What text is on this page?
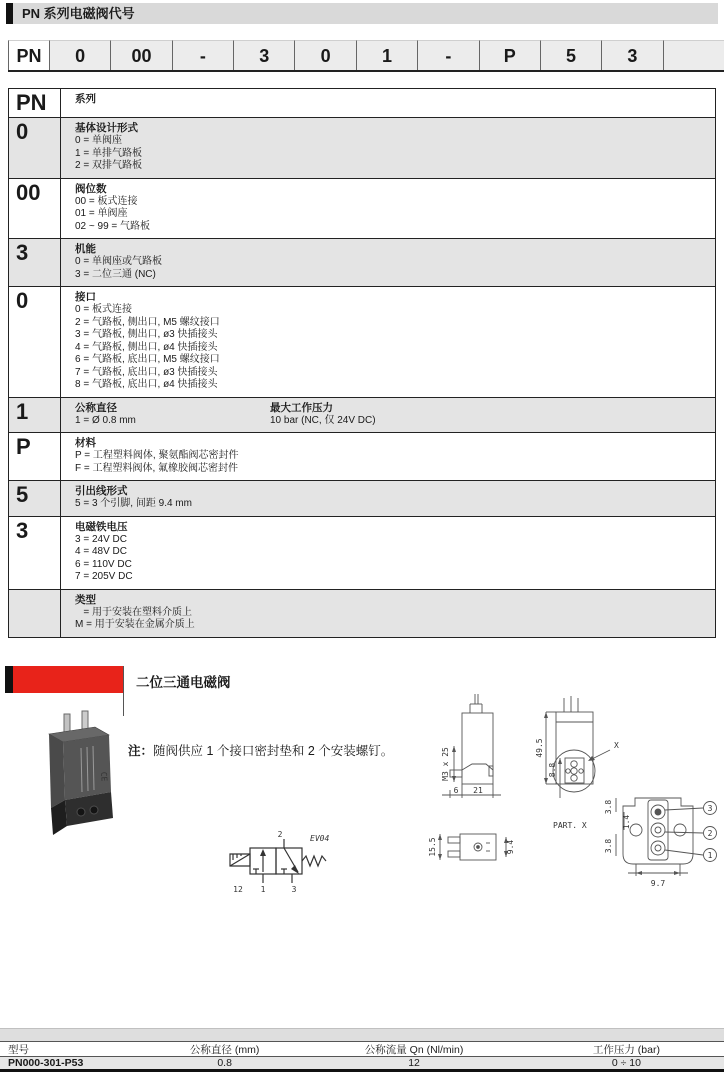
PN 系列电磁阀代号
PN	0	00	-	3	0	1	-	P	5	3
PN	系列
0	基体设计形式
0 = 单阀座
1 = 单排气路板
2 = 双排气路板
00	阀位数
00 = 板式连接
01 = 单阀座
02 ~ 99 = 气路板
3	机能
0 = 单阀座或气路板
3 = 二位三通 (NC)
0	接口
0 = 板式连接
2 = 气路板, 侧出口, M5 螺纹接口
3 = 气路板, 侧出口, ø3 快插接头
4 = 气路板, 侧出口, ø4 快插接头
6 = 气路板, 底出口, M5 螺纹接口
7 = 气路板, 底出口, ø3 快插接头
8 = 气路板, 底出口, ø4 快插接头
1	公称直径
1 = Ø 0.8 mm
最大工作压力
10 bar (NC, 仅 24V DC)
P	材料
P = 工程塑料阀体, 聚氨酯阀芯密封件
F = 工程塑料阀体, 氟橡胶阀芯密封件
5	引出线形式
5 = 3 个引脚, 间距 9.4 mm
3	电磁铁电压
3 = 24V DC
4 = 48V DC
6 = 110V DC
7 = 205V DC
类型
= 用于安装在塑料介质上
M = 用于安装在金属介质上
二位三通电磁阀
注：随阀供应 1 个接口密封垫和 2 个安装螺钉。
CE
2	EV04
12 1	3
M3 x 25
6 21
49.5
8.8
X
15.5	9.4
PART. X
3.8
1.4
3.8
9.7
3
2
1
型号	公称直径 (mm)	公称流量 Qn (Nl/min)	工作压力 (bar)
PN000-301-P53	0.8	12	0 ÷ 10
